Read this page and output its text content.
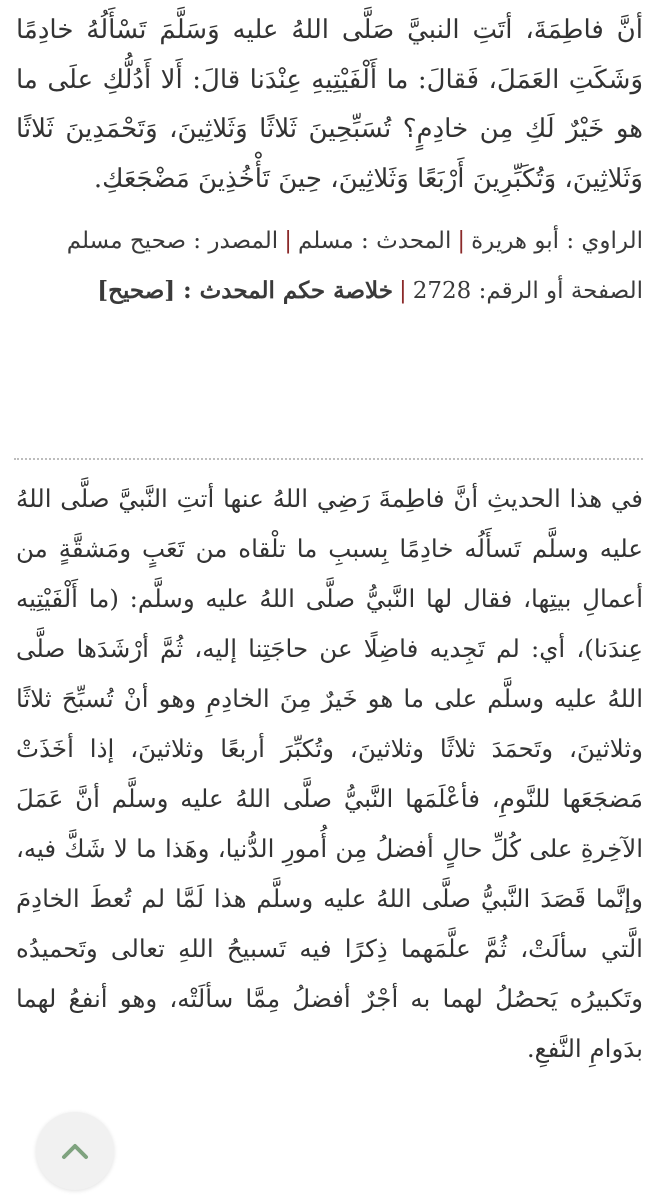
أنَّ فاطِمَةَ، أتَتِ النبيَّ صَلَّى اللهُ عليه وَسَلَّمَ تَسْأَلُهُ خادِمًا وَشَكَتِ العَمَلَ، فَقالَ: ما أَلْفَيْتِيهِ عِنْدَنا قالَ: أَلا أَدُلُّكِ علَى ما هو خَيْرٌ لَكِ مِن خادِمٍ؟ تُسَبِّحِينَ ثَلاثًا وَثَلاثِينَ، وَتَحْمَدِينَ ثَلاثًا وَثَلاثِينَ، وَتُكَبِّرِينَ أَرْبَعًا وَثَلاثِينَ، حِينَ تَأْخُذِينَ مَضْجَعَكِ.

الراوي : أبو هريرة|المحدث : مسلم|المصدر : صحيح مسلم
الصفحة أو الرقم: 2728|خلاصة حكم المحدث : [صحيح]

في هذا الحديثِ أنَّ فاطِمةَ رَضِي اللهُ عنها أتتِ النَّبيَّ صلَّى اللهُ عليه وسلَّم تَسأَلُه خادِمًا بِسببِ ما تلْقاه من تَعَبٍ ومَشقَّةٍ من أعمالِ بيتِها، فقال لها النَّبيُّ صلَّى اللهُ عليه وسلَّم: (ما أَلْفَيْتِيه عِندَنا)، أي: لم تَجِديه فاضِلًا عن حاجَتِنا إليه، ثُمَّ أرْشَدَها صلَّى اللهُ عليه وسلَّم على ما هو خَيرٌ مِنَ الخادِمِ وهو أنْ تُسبِّحَ ثلاثًا وثلاثينَ، وتَحمَدَ ثلاثًا وثلاثينَ، وتُكبِّرَ أربعًا وثلاثينَ، إذا أخَذَتْ مَضجَعَها للنَّومِ، فأعْلَمَها النَّبيُّ صلَّى اللهُ عليه وسلَّم أنَّ عَمَلَ الآخِرةِ على كُلِّ حالٍ أفضلُ مِن أُمورِ الدُّنيا، وهَذا ما لا شَكَّ فيه، وإنَّما قَصَدَ النَّبيُّ صلَّى اللهُ عليه وسلَّم هذا لَمَّا لم تُعطَ الخادِمَ الَّتي سألَتْ، ثُمَّ علَّمَهما ذِكرًا فيه تَسبيحُ اللهِ تعالى وتَحميدُه وتَكبيرُه يَحصُلُ لهما به أجْرٌ أفضلُ مِمَّا سألَتْه، وهو أنفعُ لهما بدَوامِ النَّفعِ.
